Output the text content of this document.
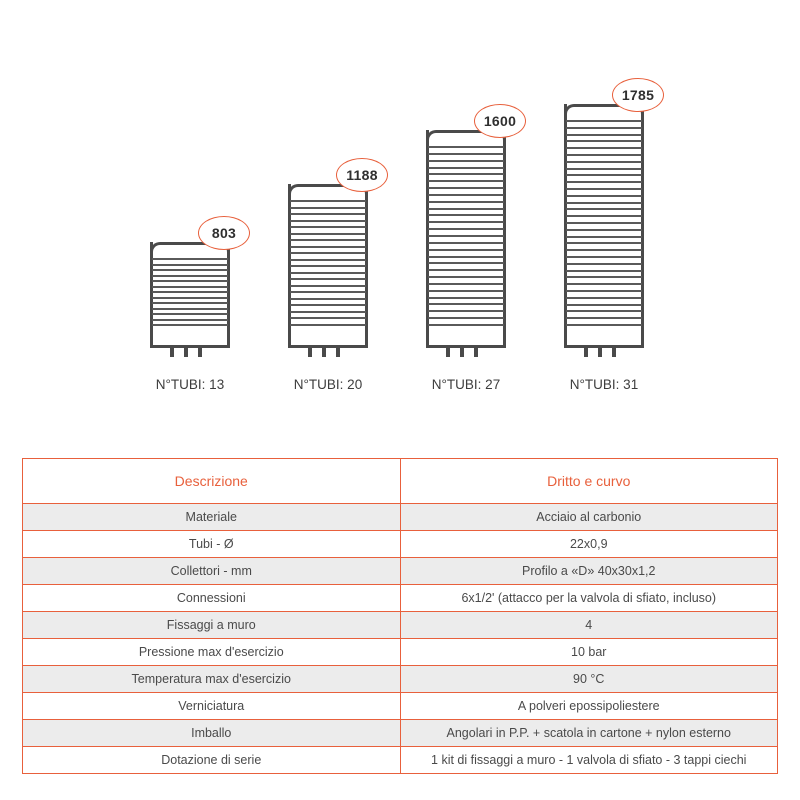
803
N°TUBI: 13
1188
N°TUBI: 20
1600
N°TUBI: 27
1785
N°TUBI: 31
Descrizione	Dritto e curvo
Materiale	Acciaio al carbonio
Tubi - Ø	22x0,9
Collettori - mm	Profilo a «D» 40x30x1,2
Connessioni	6x1/2' (attacco per la valvola di sfiato, incluso)
Fissaggi a muro	4
Pressione max d'esercizio	10 bar
Temperatura max d'esercizio	90 °C
Verniciatura	A polveri epossipoliestere
Imballo	Angolari in P.P. + scatola in cartone + nylon esterno
Dotazione di serie	1 kit di fissaggi a muro - 1 valvola di sfiato - 3 tappi ciechi
